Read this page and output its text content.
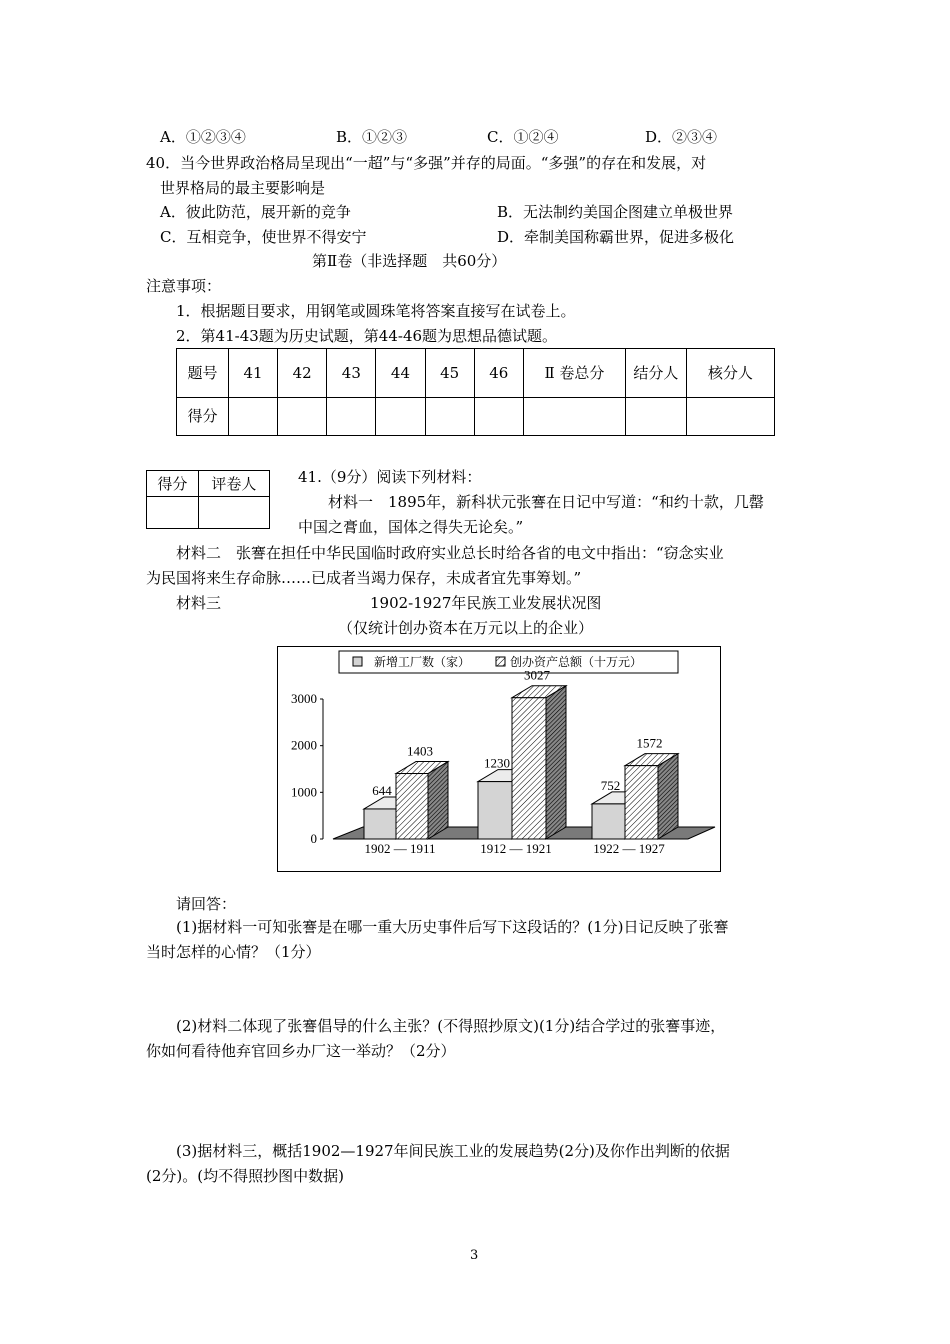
A．①②③④	B．①②③	C．①②④	D．②③④
40．当今世界政治格局呈现出“一超”与“多强”并存的局面。“多强”的存在和发展，对
世界格局的最主要影响是
A．彼此防范，展开新的竞争	B．无法制约美国企图建立单极世界
C．互相竞争，使世界不得安宁	D．牵制美国称霸世界，促进多极化
第Ⅱ卷（非选择题　共60分）
注意事项：
1．根据题目要求，用钢笔或圆珠笔将答案直接写在试卷上。
2．第41-43题为历史试题，第44-46题为思想品德试题。
题号	41	42	43	44	45	46	Ⅱ 卷总分	结分人	核分人
得分									
得分	评卷人
		41.（9分）阅读下列材料：
材料一　1895年，新科状元张謇在日记中写道：“和约十款，几罄
中国之膏血，国体之得失无论矣。”
材料二　张謇在担任中华民国临时政府实业总长时给各省的电文中指出：“窃念实业
为民国将来生存命脉……已成者当竭力保存，未成者宜先事筹划。”
材料三	1902-1927年民族工业发展状况图
（仅统计创办资本在万元以上的企业）
新增工厂数（家）	创办资产总额（十万元）
0
1000
2000
3000
644
1403
1902 — 1911
1230
3027
1912 — 1921
752
1572
1922 — 1927
请回答：
(1)据材料一可知张謇是在哪一重大历史事件后写下这段话的？(1分)日记反映了张謇
当时怎样的心情？（1分）
(2)材料二体现了张謇倡导的什么主张？(不得照抄原文)(1分)结合学过的张謇事迹，
你如何看待他弃官回乡办厂这一举动？（2分）
(3)据材料三，概括1902—1927年间民族工业的发展趋势(2分)及你作出判断的依据
(2分)。(均不得照抄图中数据)
3
